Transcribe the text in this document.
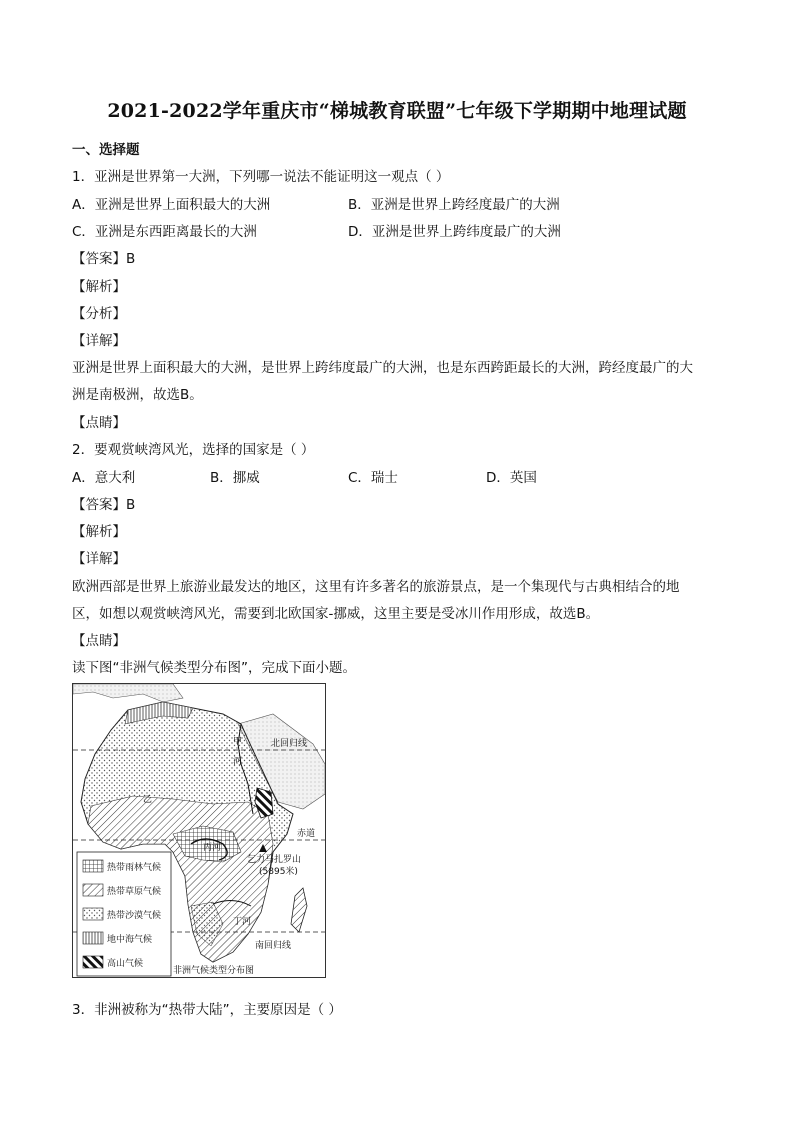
2021-2022学年重庆市“梯城教育联盟”七年级下学期期中地理试题
一、选择题
1．亚洲是世界第一大洲，下列哪一说法不能证明这一观点（ ）
A．亚洲是世界上面积最大的大洲	B．亚洲是世界上跨经度最广的大洲
C．亚洲是东西距离最长的大洲	D．亚洲是世界上跨纬度最广的大洲
【答案】B
【解析】
【分析】
【详解】
亚洲是世界上面积最大的大洲，是世界上跨纬度最广的大洲，也是东西跨距最长的大洲，跨经度最广的大
洲是南极洲，故选B。
【点睛】
2．要观赏峡湾风光，选择的国家是（ ）
A．意大利	B．挪威	C．瑞士	D．英国
【答案】B
【解析】
【详解】
欧洲西部是世界上旅游业最发达的地区，这里有许多著名的旅游景点，是一个集现代与古典相结合的地
区，如想以观赏峡湾风光，需要到北欧国家-挪威，这里主要是受冰川作用形成，故选B。
【点睛】
读下图“非洲气候类型分布图”，完成下面小题。
甲
河
北回归线
乙
赤道
丙河
乞力马扎罗山
(5895米)
丁河
南回归线
热带雨林气候
热带草原气候
热带沙漠气候
地中海气候
高山气候
非洲气候类型分布图
3．非洲被称为“热带大陆”，主要原因是（ ）
